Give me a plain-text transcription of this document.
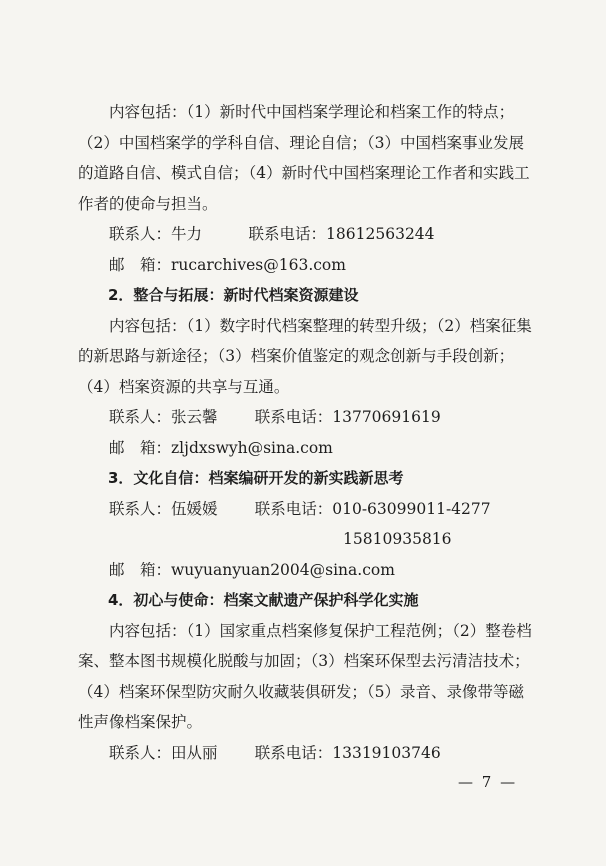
内容包括：（1）新时代中国档案学理论和档案工作的特点；（2）中国档案学的学科自信、理论自信；（3）中国档案事业发展的道路自信、模式自信；（4）新时代中国档案理论工作者和实践工作者的使命与担当。

联系人：牛力	联系电话：18612563244

邮　箱：rucarchives@163.com

2．整合与拓展：新时代档案资源建设

内容包括：（1）数字时代档案整理的转型升级；（2）档案征集的新思路与新途径；（3）档案价值鉴定的观念创新与手段创新；（4）档案资源的共享与互通。

联系人：张云馨 联系电话：13770691619

邮　箱：zljdxswyh@sina.com

3．文化自信：档案编研开发的新实践新思考

联系人：伍媛媛 联系电话：010-63099011-4277

15810935816

邮　箱：wuyuanyuan2004@sina.com

4．初心与使命：档案文献遗产保护科学化实施

内容包括：（1）国家重点档案修复保护工程范例；（2）整卷档案、整本图书规模化脱酸与加固；（3）档案环保型去污清洁技术；（4）档案环保型防灾耐久收藏装俱研发；（5）录音、录像带等磁性声像档案保护。

联系人：田从丽 联系电话：13319103746

— 7 —
